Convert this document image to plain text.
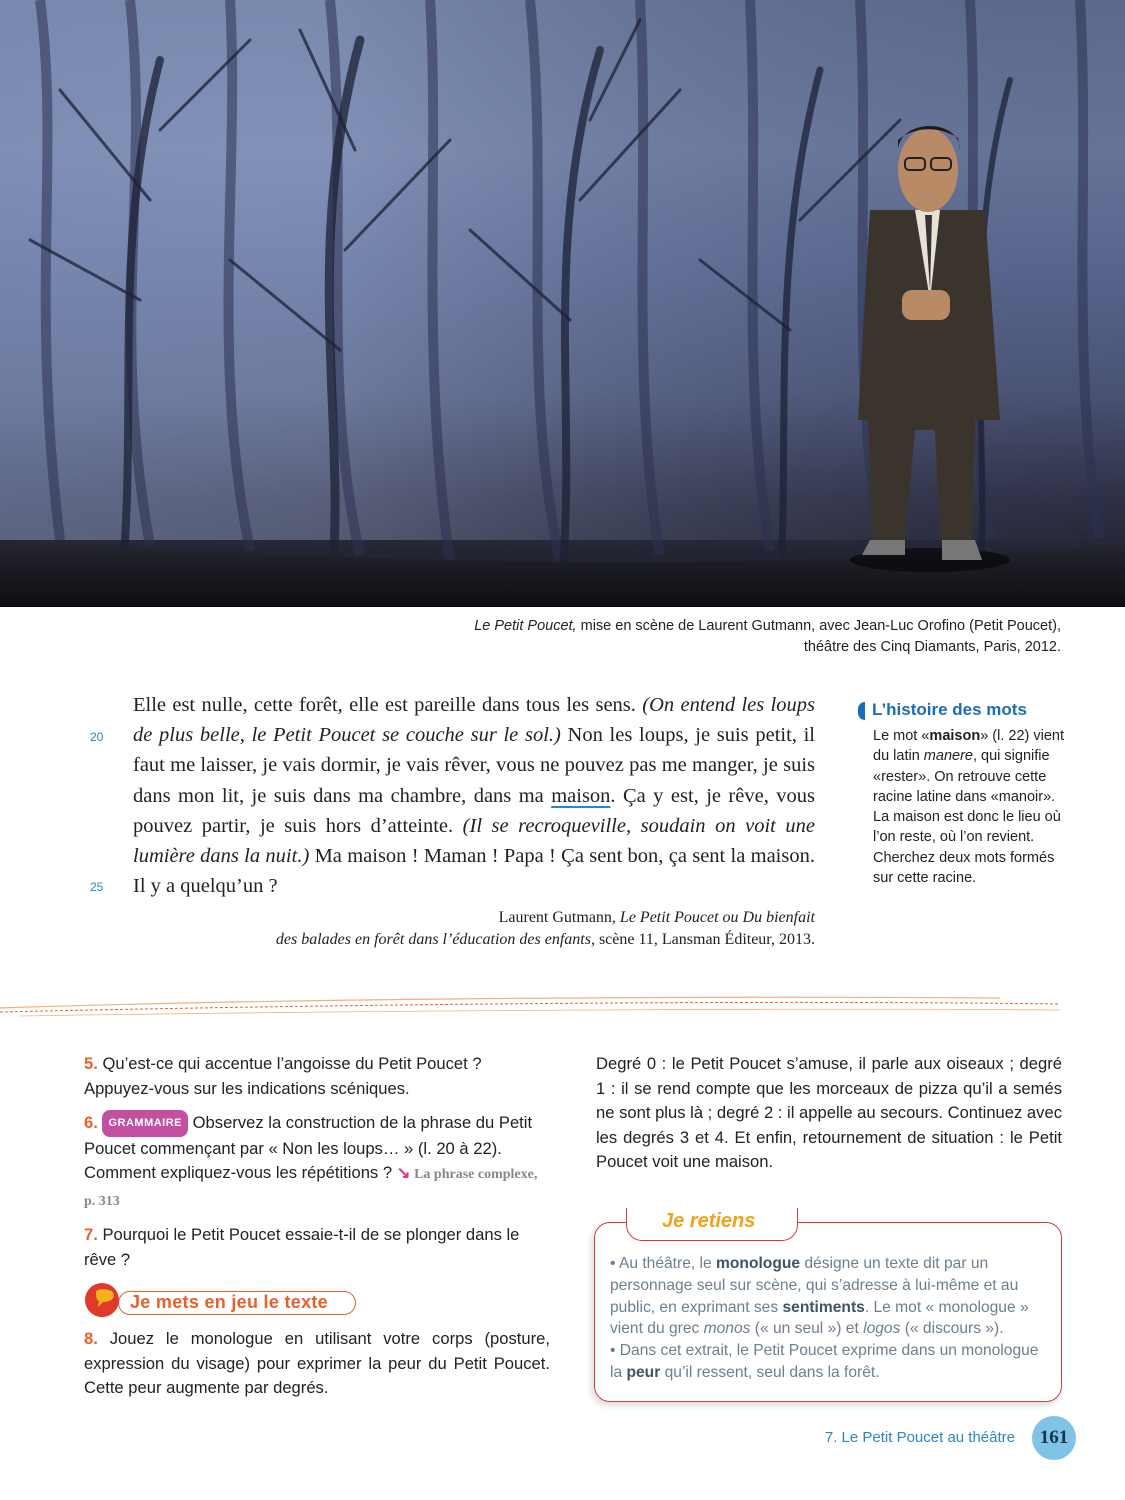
Le Petit Poucet, mise en scène de Laurent Gutmann, avec Jean-Luc Orofino (Petit Poucet),
théâtre des Cinq Diamants, Paris, 2012.
20
25
Elle est nulle, cette forêt, elle est pareille dans tous les sens. (On entend les loups de plus belle, le Petit Poucet se couche sur le sol.) Non les loups, je suis petit, il faut me laisser, je vais dormir, je vais rêver, vous ne pouvez pas me manger, je suis dans mon lit, je suis dans ma chambre, dans ma maison. Ça y est, je rêve, vous pouvez partir, je suis hors d’atteinte. (Il se recroqueville, soudain on voit une lumière dans la nuit.) Ma maison ! Maman ! Papa ! Ça sent bon, ça sent la maison. Il y a quelqu’un ?
Laurent Gutmann, Le Petit Poucet ou Du bienfait
des balades en forêt dans l’éducation des enfants, scène 11, Lansman Éditeur, 2013.
L’histoire des mots
Le mot «maison» (l. 22) vient du latin manere, qui signifie «rester». On retrouve cette racine latine dans «manoir». La maison est donc le lieu où l’on reste, où l’on revient. Cherchez deux mots formés sur cette racine.

5. Qu’est-ce qui accentue l’angoisse du Petit Poucet ? Appuyez-vous sur les indications scéniques.

6. GRAMMAIRE Observez la construction de la phrase du Petit Poucet commençant par « Non les loups… » (l. 20 à 22). Comment expliquez-vous les répétitions ? ↘ La phrase complexe, p. 313

7. Pourquoi le Petit Poucet essaie-t-il de se plonger dans le rêve ?

Je mets en jeu le texte
8. Jouez le monologue en utilisant votre corps (posture, expression du visage) pour exprimer la peur du Petit Poucet. Cette peur augmente par degrés.
Degré 0 : le Petit Poucet s’amuse, il parle aux oiseaux ; degré 1 : il se rend compte que les morceaux de pizza qu’il a semés ne sont plus là ; degré 2 : il appelle au secours. Continuez avec les degrés 3 et 4. Et enfin, retournement de situation : le Petit Poucet voit une maison.
Je retiens
• Au théâtre, le monologue désigne un texte dit par un personnage seul sur scène, qui s’adresse à lui-même et au public, en exprimant ses sentiments. Le mot « monologue » vient du grec monos (« un seul ») et logos (« discours »).
• Dans cet extrait, le Petit Poucet exprime dans un monologue la peur qu’il ressent, seul dans la forêt.
7. Le Petit Poucet au théâtre	161
